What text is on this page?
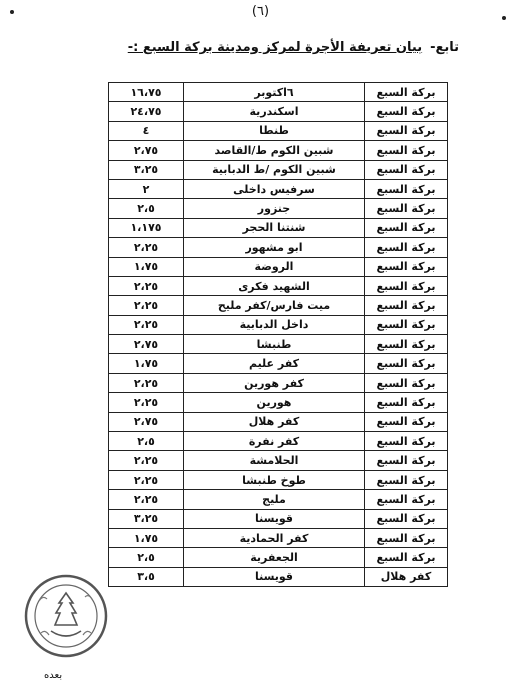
(٦)
تابع-بيان تعريفة الأجرة لمركز ومدينة بركة السبع :-
بركة السبع	٦اكتوبر	١٦،٧٥
بركة السبع	اسكندرية	٢٤،٧٥
بركة السبع	طنطا	٤
بركة السبع	شبين الكوم ط/القاصد	٢،٧٥
بركة السبع	شبين الكوم /ط الدبابية	٣،٢٥
بركة السبع	سرفيس داخلى	٢
بركة السبع	جنزور	٢،٥
بركة السبع	شنتنا الحجر	١،١٧٥
بركة السبع	ابو مشهور	٢،٢٥
بركة السبع	الروضة	١،٧٥
بركة السبع	الشهيد فكرى	٢،٢٥
بركة السبع	ميت فارس/كفر مليح	٢،٢٥
بركة السبع	داخل الدبابية	٢،٢٥
بركة السبع	طنبشا	٢،٧٥
بركة السبع	كفر عليم	١،٧٥
بركة السبع	كفر هورين	٢،٢٥
بركة السبع	هورين	٢،٢٥
بركة السبع	كفر هلال	٢،٧٥
بركة السبع	كفر نفرة	٢،٥
بركة السبع	الحلامشة	٢،٢٥
بركة السبع	طوخ طنبشا	٢،٢٥
بركة السبع	مليج	٢،٢٥
بركة السبع	قويسنا	٣،٢٥
بركة السبع	كفر الحمادية	١،٧٥
بركة السبع	الجعفرية	٢،٥
كفر هلال	قويسنا	٣،٥
بعده
